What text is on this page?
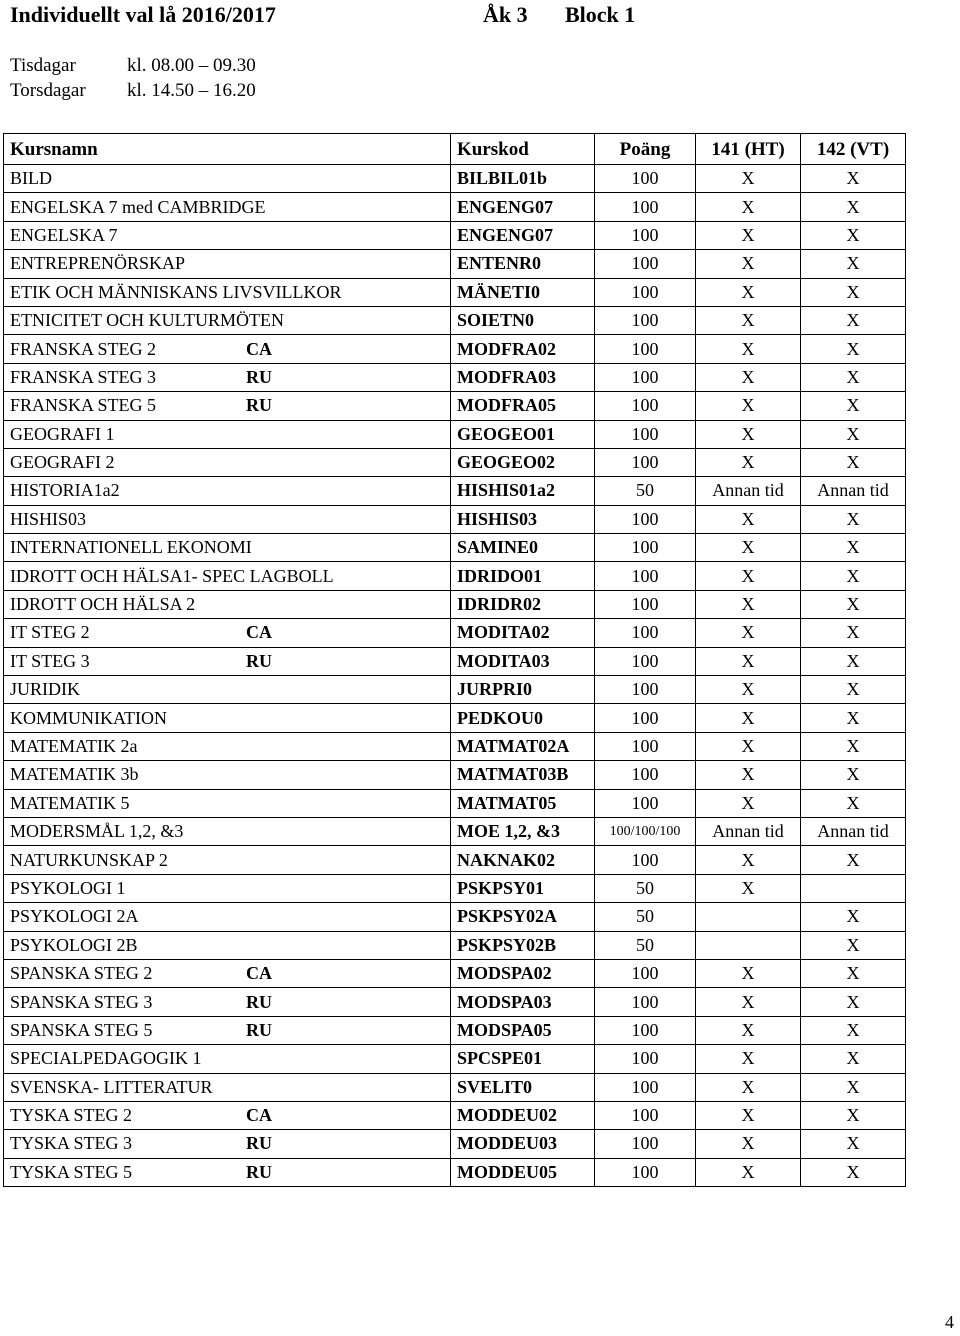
Individuellt val lå 2016/2017	Åk 3 Block 1
Tisdagar	kl. 08.00 – 09.30
Torsdagar kl. 14.50 – 16.20
Kursnamn	Kurskod	Poäng	141 (HT)	142 (VT)
BILD	BILBIL01b	100	X	X
ENGELSKA 7 med CAMBRIDGE	ENGENG07	100	X	X
ENGELSKA 7	ENGENG07	100	X	X
ENTREPRENÖRSKAP	ENTENR0	100	X	X
ETIK OCH MÄNNISKANS LIVSVILLKOR	MÄNETI0	100	X	X
ETNICITET OCH KULTURMÖTEN	SOIETN0	100	X	X
FRANSKA STEG 2 CA	MODFRA02	100	X	X
FRANSKA STEG 3 RU	MODFRA03	100	X	X
FRANSKA STEG 5 RU	MODFRA05	100	X	X
GEOGRAFI 1	GEOGEO01	100	X	X
GEOGRAFI 2	GEOGEO02	100	X	X
HISTORIA1a2	HISHIS01a2	50	Annan tid	Annan tid
HISHIS03	HISHIS03	100	X	X
INTERNATIONELL EKONOMI	SAMINE0	100	X	X
IDROTT OCH HÄLSA1- SPEC LAGBOLL	IDRIDO01	100	X	X
IDROTT OCH HÄLSA 2	IDRIDR02	100	X	X
IT STEG 2 CA	MODITA02	100	X	X
IT STEG 3 RU	MODITA03	100	X	X
JURIDIK	JURPRI0	100	X	X
KOMMUNIKATION	PEDKOU0	100	X	X
MATEMATIK 2a	MATMAT02A	100	X	X
MATEMATIK 3b	MATMAT03B	100	X	X
MATEMATIK 5	MATMAT05	100	X	X
MODERSMÅL 1,2, &3	MOE 1,2, &3	100/100/100	Annan tid	Annan tid
NATURKUNSKAP 2	NAKNAK02	100	X	X
PSYKOLOGI 1	PSKPSY01	50	X	
PSYKOLOGI 2A	PSKPSY02A	50		X
PSYKOLOGI 2B	PSKPSY02B	50		X
SPANSKA STEG 2 CA	MODSPA02	100	X	X
SPANSKA STEG 3 RU	MODSPA03	100	X	X
SPANSKA STEG 5 RU	MODSPA05	100	X	X
SPECIALPEDAGOGIK 1	SPCSPE01	100	X	X
SVENSKA- LITTERATUR	SVELIT0	100	X	X
TYSKA STEG 2 CA	MODDEU02	100	X	X
TYSKA STEG 3 RU	MODDEU03	100	X	X
TYSKA STEG 5 RU	MODDEU05	100	X	X
4
